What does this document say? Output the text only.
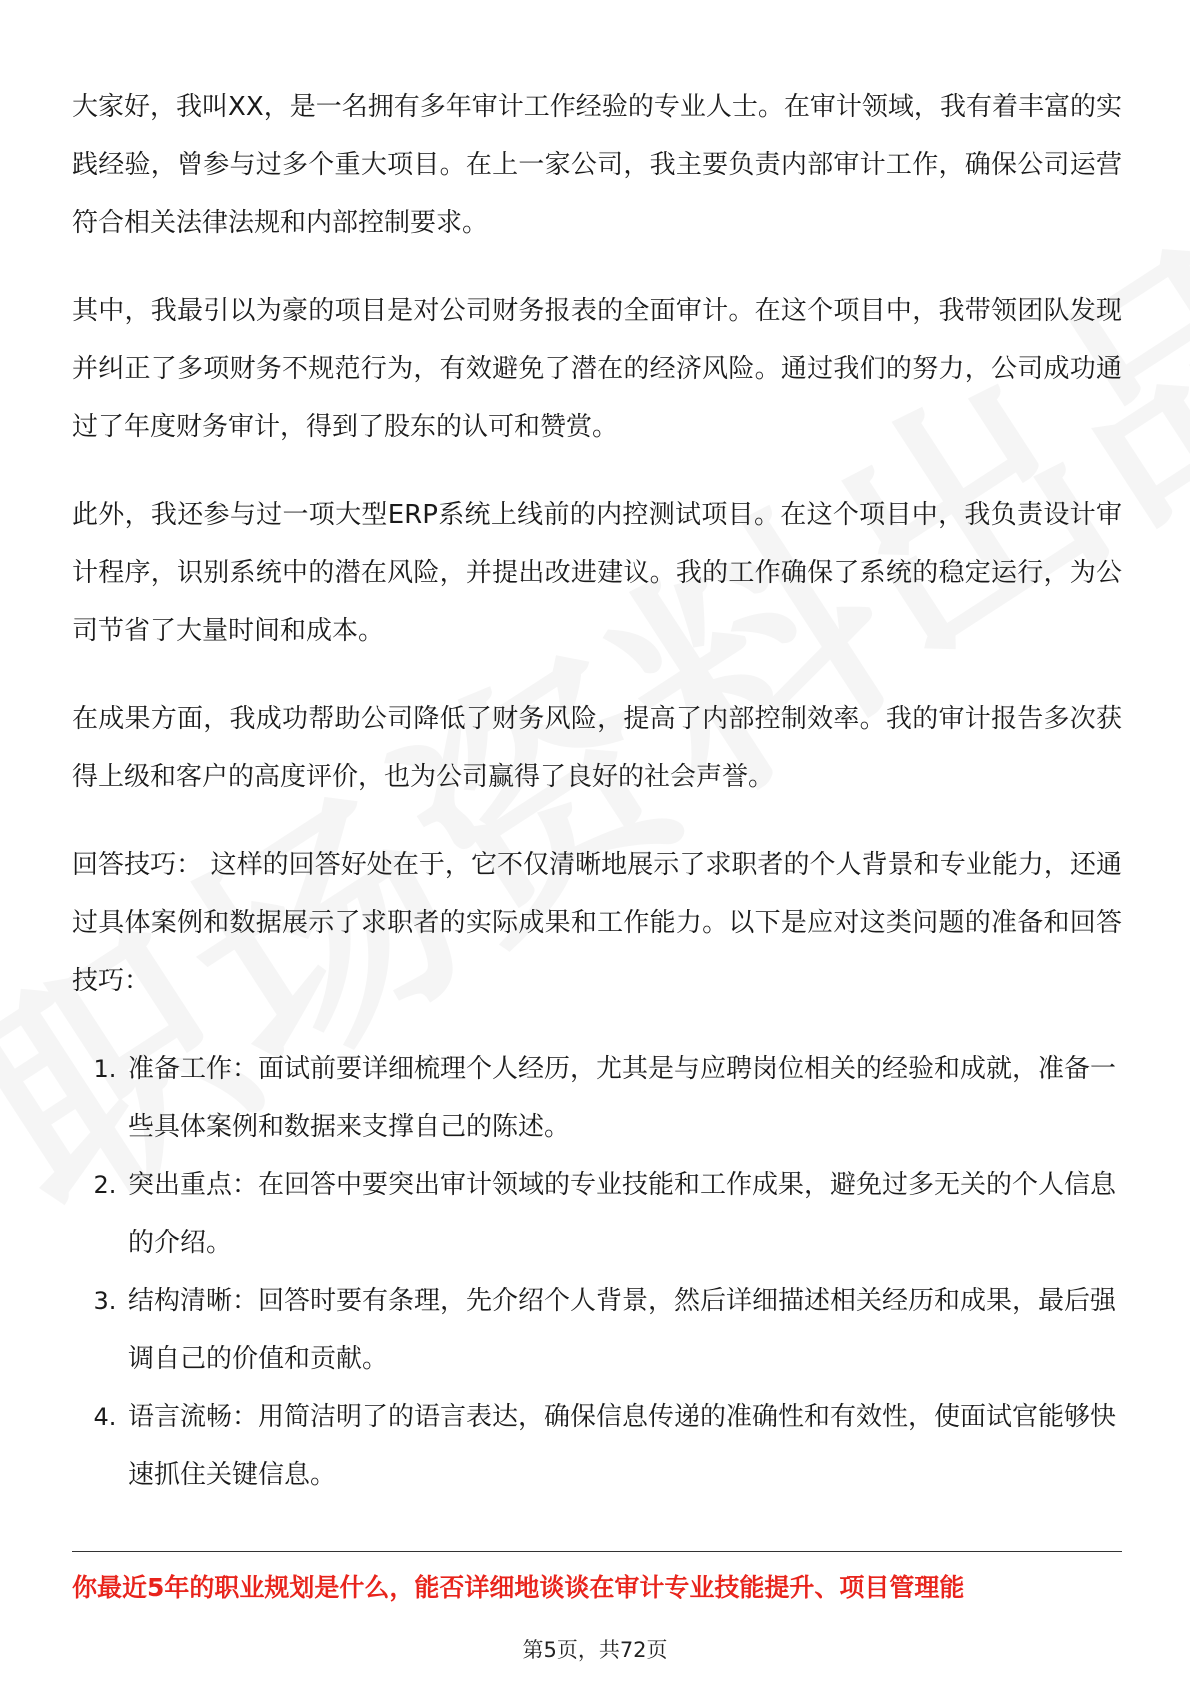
大家好，我叫XX，是一名拥有多年审计工作经验的专业人士。在审计领域，我有着丰富的实践经验，曾参与过多个重大项目。在上一家公司，我主要负责内部审计工作，确保公司运营符合相关法律法规和内部控制要求。

其中，我最引以为豪的项目是对公司财务报表的全面审计。在这个项目中，我带领团队发现并纠正了多项财务不规范行为，有效避免了潜在的经济风险。通过我们的努力，公司成功通过了年度财务审计，得到了股东的认可和赞赏。

此外，我还参与过一项大型ERP系统上线前的内控测试项目。在这个项目中，我负责设计审计程序，识别系统中的潜在风险，并提出改进建议。我的工作确保了系统的稳定运行，为公司节省了大量时间和成本。

在成果方面，我成功帮助公司降低了财务风险，提高了内部控制效率。我的审计报告多次获得上级和客户的高度评价，也为公司赢得了良好的社会声誉。

回答技巧： 这样的回答好处在于，它不仅清晰地展示了求职者的个人背景和专业能力，还通过具体案例和数据展示了求职者的实际成果和工作能力。以下是应对这类问题的准备和回答技巧：

1. 准备工作：面试前要详细梳理个人经历，尤其是与应聘岗位相关的经验和成就，准备一些具体案例和数据来支撑自己的陈述。
2. 突出重点：在回答中要突出审计领域的专业技能和工作成果，避免过多无关的个人信息的介绍。
3. 结构清晰：回答时要有条理，先介绍个人背景，然后详细描述相关经历和成果，最后强调自己的价值和贡献。
4. 语言流畅：用简洁明了的语言表达，确保信息传递的准确性和有效性，使面试官能够快速抓住关键信息。
你最近5年的职业规划是什么，能否详细地谈谈在审计专业技能提升、项目管理能
第5页，共72页
